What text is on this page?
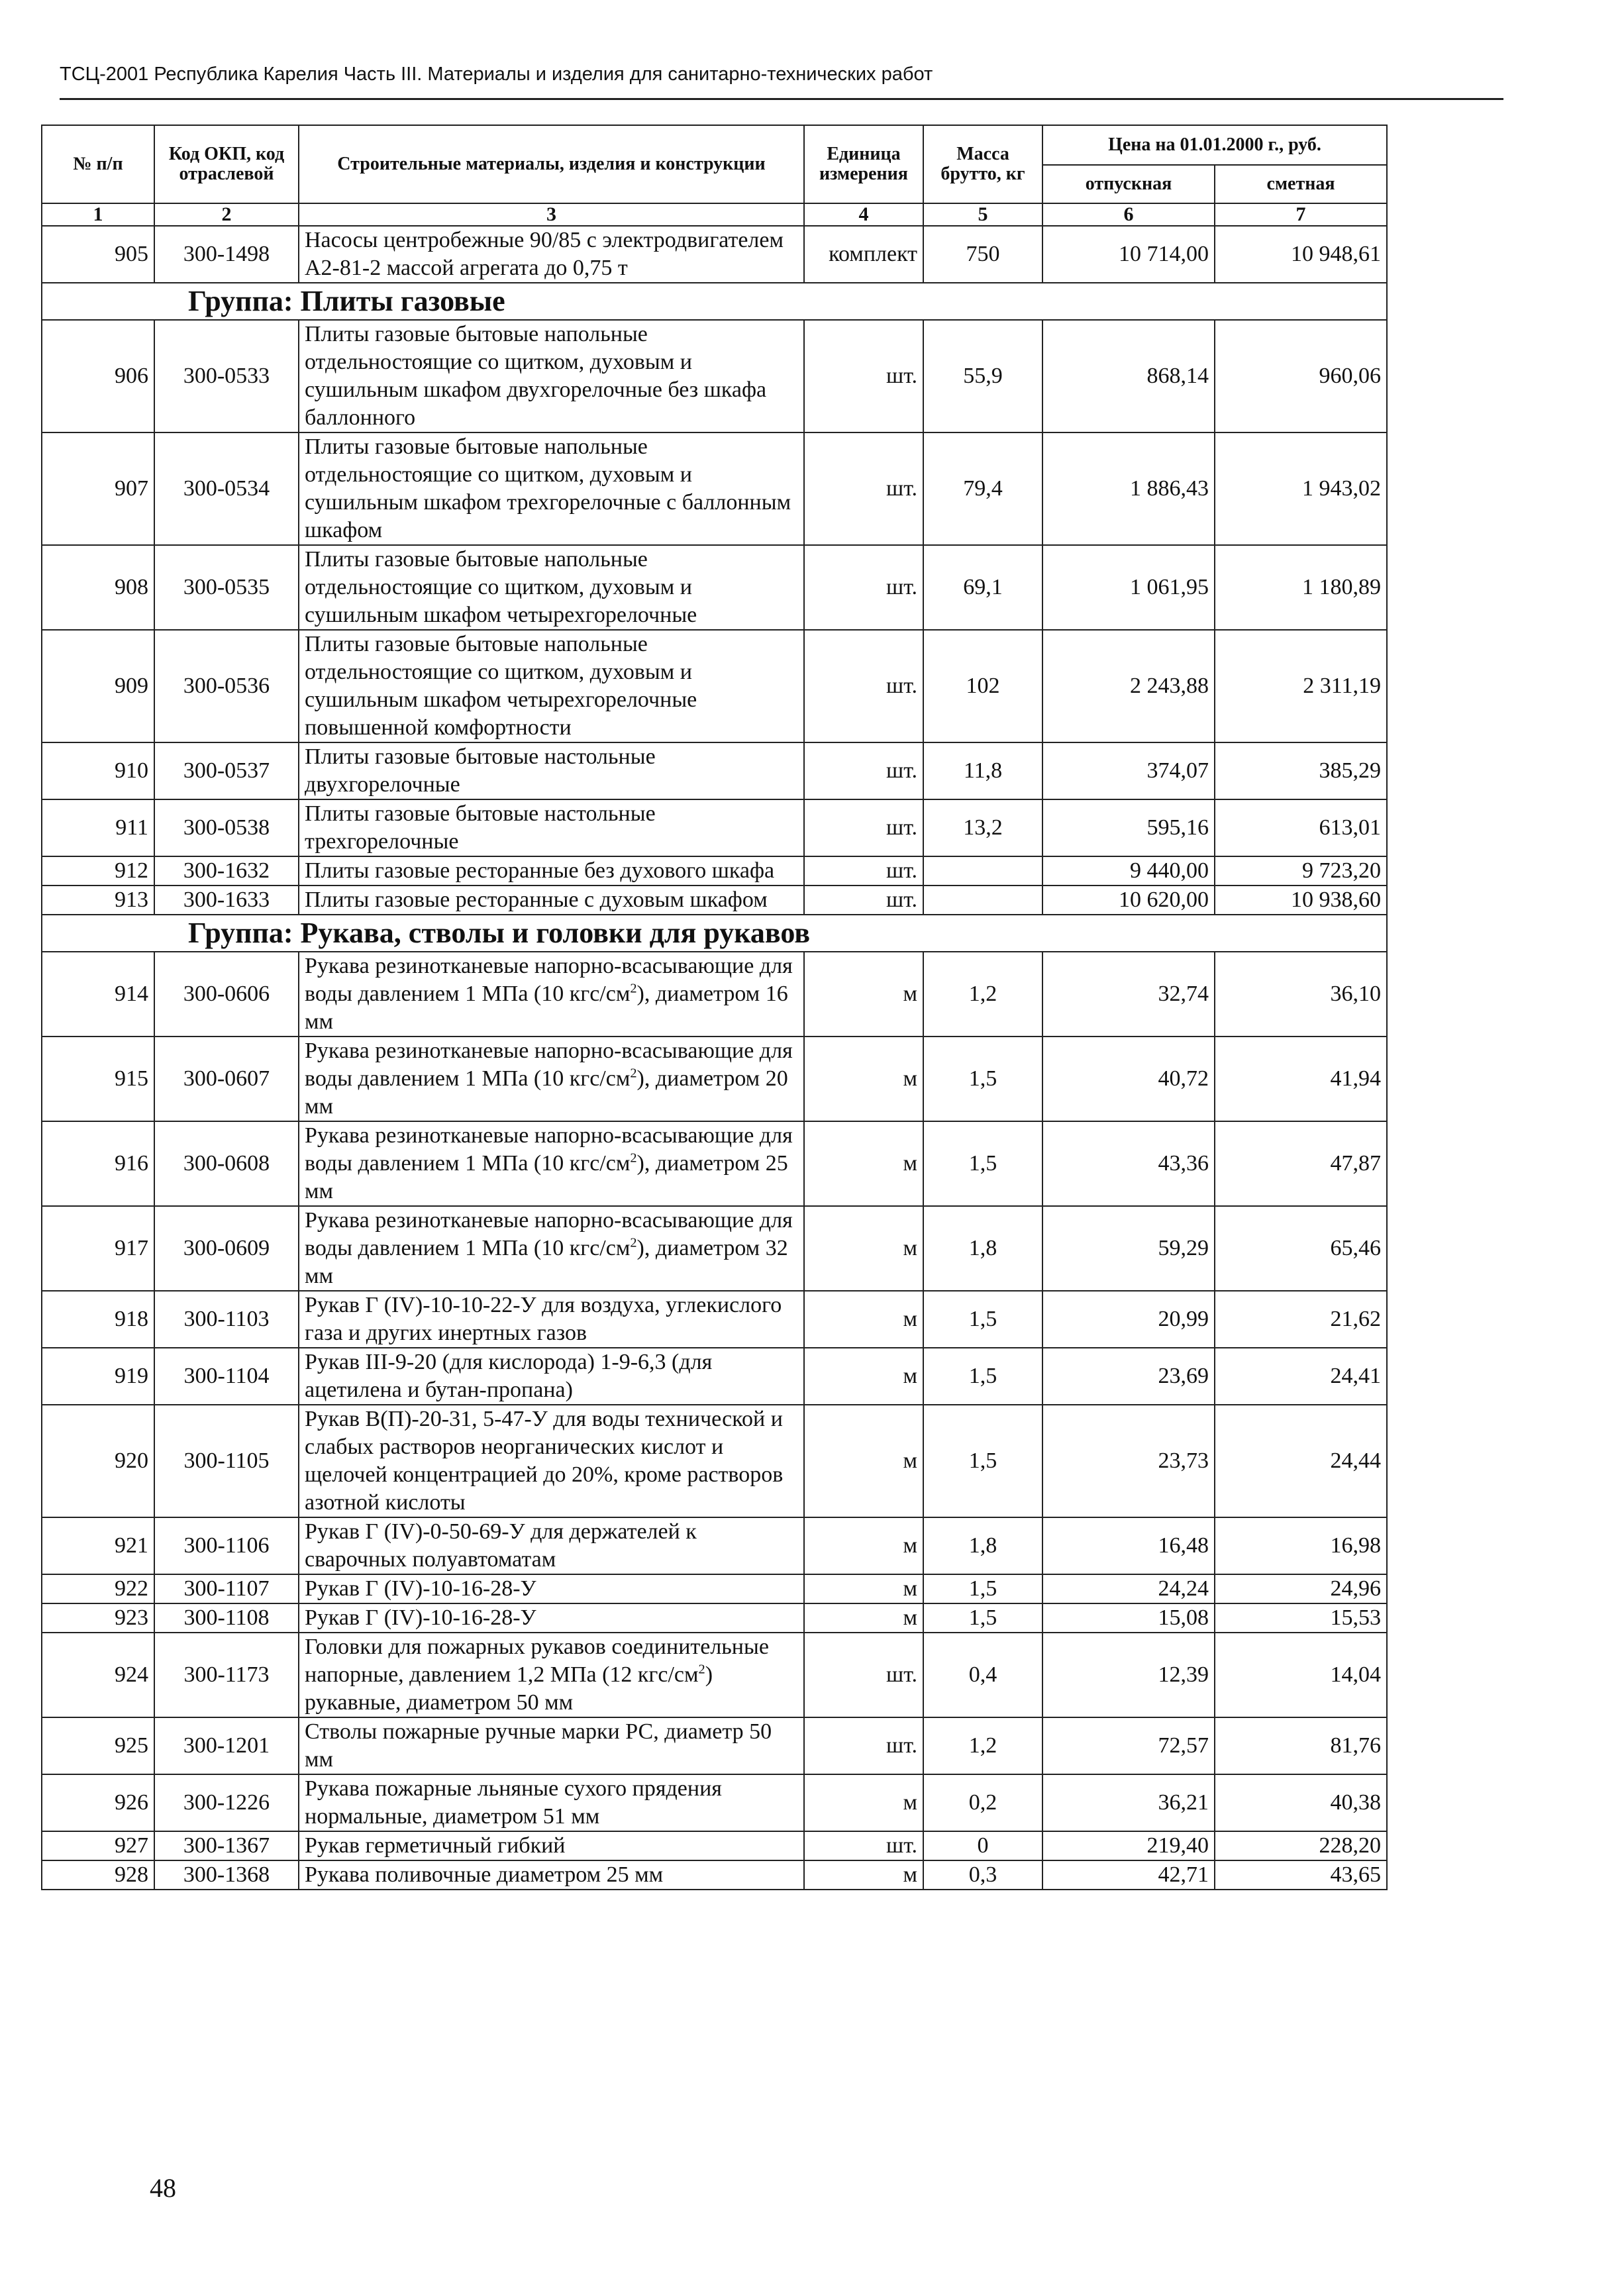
ТСЦ-2001 Республика Карелия Часть III. Материалы и изделия для санитарно-технических работ
№ п/п	Код ОКП, код отраслевой	Строительные материалы, изделия и конструкции	Единица измерения	Масса брутто, кг	Цена на 01.01.2000 г., руб.	
					отпускная	сметная
1	2	3	4	5	6	7
905	300-1498	Насосы центробежные 90/85 с электродвигателем А2-81-2 массой агрегата до 0,75 т	комплект	750	10 714,00	10 948,61
Группа: Плиты газовые						
906	300-0533	Плиты газовые бытовые напольные отдельностоящие со щитком, духовым и сушильным шкафом двухгорелочные без шкафа баллонного	шт.	55,9	868,14	960,06
907	300-0534	Плиты газовые бытовые напольные отдельностоящие со щитком, духовым и сушильным шкафом трехгорелочные с баллонным шкафом	шт.	79,4	1 886,43	1 943,02
908	300-0535	Плиты газовые бытовые напольные отдельностоящие со щитком, духовым и сушильным шкафом четырехгорелочные	шт.	69,1	1 061,95	1 180,89
909	300-0536	Плиты газовые бытовые напольные отдельностоящие со щитком, духовым и сушильным шкафом четырехгорелочные повышенной комфортности	шт.	102	2 243,88	2 311,19
910	300-0537	Плиты газовые бытовые настольные двухгорелочные	шт.	11,8	374,07	385,29
911	300-0538	Плиты газовые бытовые настольные трехгорелочные	шт.	13,2	595,16	613,01
912	300-1632	Плиты газовые ресторанные без духового шкафа	шт.		9 440,00	9 723,20
913	300-1633	Плиты газовые ресторанные с духовым шкафом	шт.		10 620,00	10 938,60
Группа: Рукава, стволы и головки для рукавов						
914	300-0606	Рукава резинотканевые напорно-всасывающие для воды давлением 1 МПа (10 кгс/$см^2$), диаметром 16 мм	м	1,2	32,74	36,10
915	300-0607	Рукава резинотканевые напорно-всасывающие для воды давлением 1 МПа (10 кгс/$см^2$), диаметром 20 мм	м	1,5	40,72	41,94
916	300-0608	Рукава резинотканевые напорно-всасывающие для воды давлением 1 МПа (10 кгс/$см^2$), диаметром 25 мм	м	1,5	43,36	47,87
917	300-0609	Рукава резинотканевые напорно-всасывающие для воды давлением 1 МПа (10 кгс/$см^2$), диаметром 32 мм	м	1,8	59,29	65,46
918	300-1103	Рукав Г (IV)-10-10-22-У для воздуха, углекислого газа и других инертных газов	м	1,5	20,99	21,62
919	300-1104	Рукав III-9-20 (для кислорода) 1-9-6,3 (для ацетилена и бутан-пропана)	м	1,5	23,69	24,41
920	300-1105	Рукав В(П)-20-31, 5-47-У для воды технической и слабых растворов неорганических кислот и щелочей концентрацией до 20%, кроме растворов азотной кислоты	м	1,5	23,73	24,44
921	300-1106	Рукав Г (IV)-0-50-69-У для держателей к сварочных полуавтоматам	м	1,8	16,48	16,98
922	300-1107	Рукав Г (IV)-10-16-28-У	м	1,5	24,24	24,96
923	300-1108	Рукав Г (IV)-10-16-28-У	м	1,5	15,08	15,53
924	300-1173	Головки для пожарных рукавов соединительные напорные, давлением 1,2 МПа (12 кгс/$см^2$) рукавные, диаметром 50 мм	шт.	0,4	12,39	14,04
925	300-1201	Стволы пожарные ручные марки РС, диаметр 50 мм	шт.	1,2	72,57	81,76
926	300-1226	Рукава пожарные льняные сухого прядения нормальные, диаметром 51 мм	м	0,2	36,21	40,38
927	300-1367	Рукав герметичный гибкий	шт.	0	219,40	228,20
928	300-1368	Рукава поливочные диаметром 25 мм	м	0,3	42,71	43,65
48
